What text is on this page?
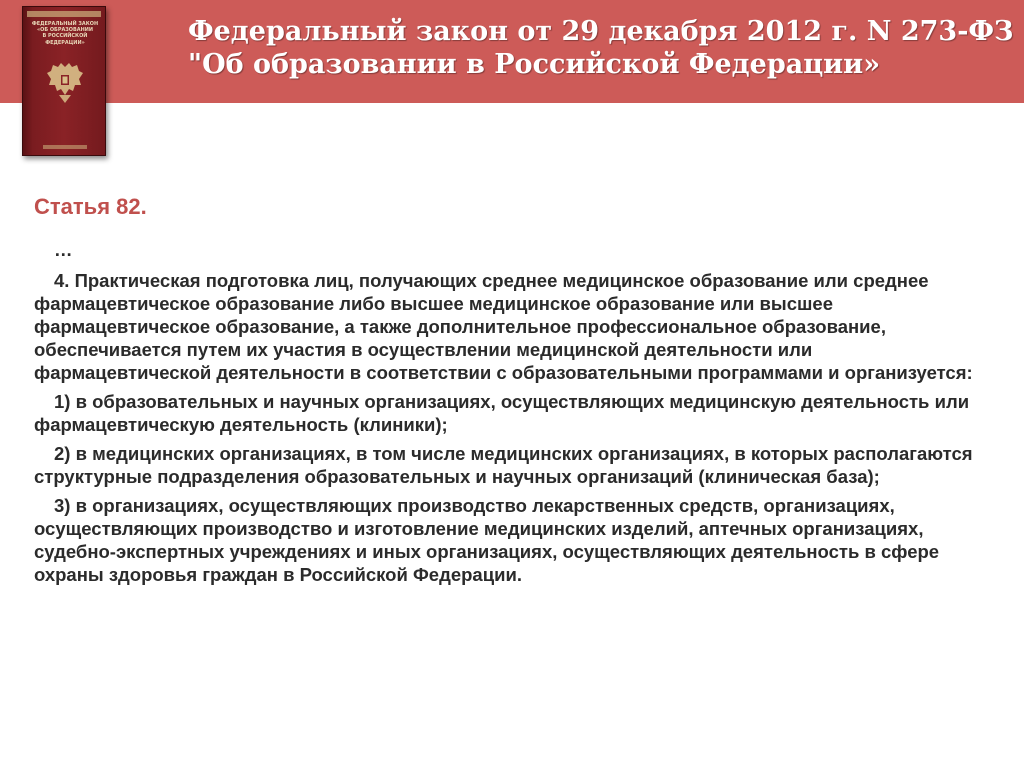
Федеральный закон от 29 декабря 2012 г. N 273-ФЗ
"Об образовании в Российской Федерации»
ФЕДЕРАЛЬНЫЙ ЗАКОН
«ОБ ОБРАЗОВАНИИ
В РОССИЙСКОЙ
ФЕДЕРАЦИИ»
Статья 82.

…

4. Практическая подготовка лиц, получающих среднее медицинское образование или среднее фармацевтическое образование либо высшее медицинское образование или высшее фармацевтическое образование, а также дополнительное профессиональное образование, обеспечивается путем их участия в осуществлении медицинской деятельности или фармацевтической деятельности в соответствии с образовательными программами и организуется:

1) в образовательных и научных организациях, осуществляющих медицинскую деятельность или фармацевтическую деятельность (клиники);

2) в медицинских организациях, в том числе медицинских организациях, в которых располагаются структурные подразделения образовательных и научных организаций (клиническая база);

3) в организациях, осуществляющих производство лекарственных средств, организациях, осуществляющих производство и изготовление медицинских изделий, аптечных организациях, судебно-экспертных учреждениях и иных организациях, осуществляющих деятельность в сфере охраны здоровья граждан в Российской Федерации.
